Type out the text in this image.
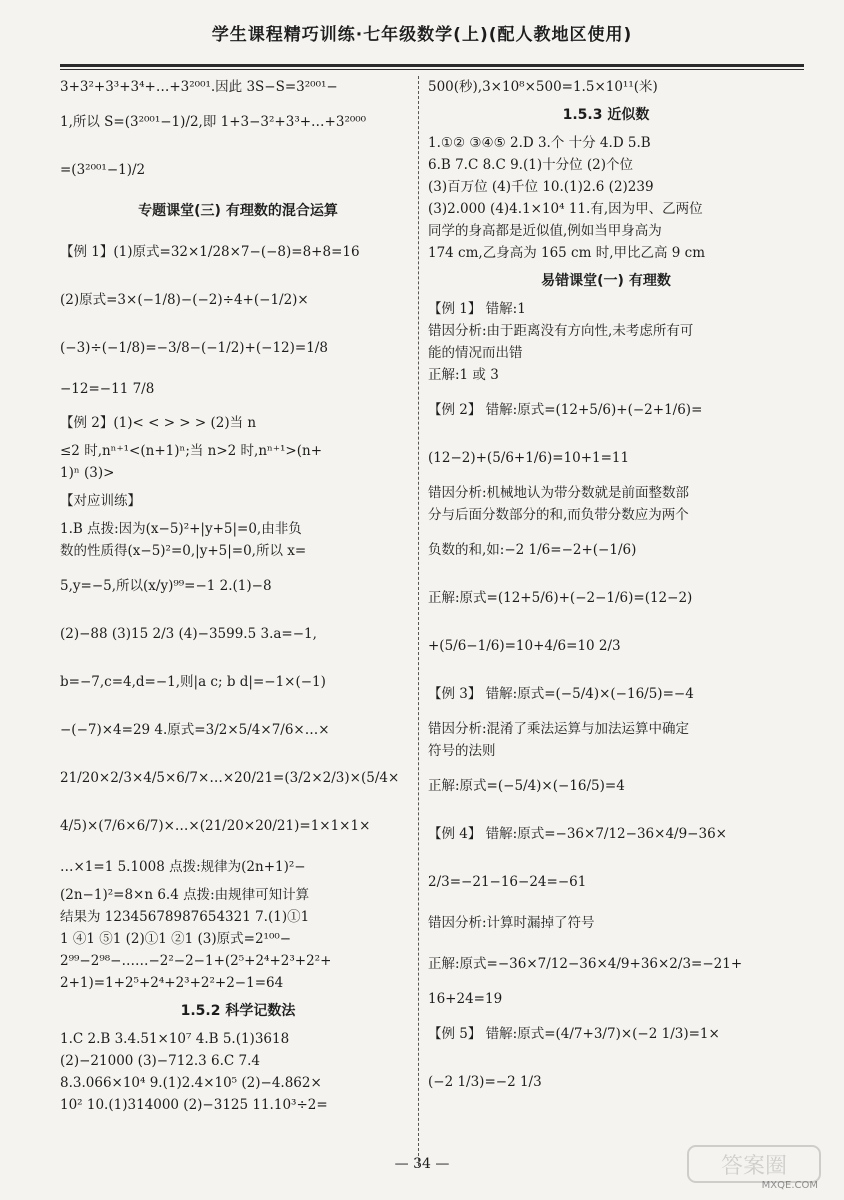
学生课程精巧训练·七年级数学(上)(配人教地区使用)
3+3²+3³+3⁴+…+3²⁰⁰¹.因此 3S−S=3²⁰⁰¹−
1,所以 S=(3²⁰⁰¹−1)/2,即 1+3−3²+3³+…+3²⁰⁰⁰
=(3²⁰⁰¹−1)/2
专题课堂(三) 有理数的混合运算
【例 1】(1)原式=32×1/28×7−(−8)=8+8=16
(2)原式=3×(−1/8)−(−2)÷4+(−1/2)×
(−3)÷(−1/8)=−3/8−(−1/2)+(−12)=1/8
−12=−11 7/8
【例 2】(1)< < > > > (2)当 n
≤2 时,nⁿ⁺¹<(n+1)ⁿ;当 n>2 时,nⁿ⁺¹>(n+
1)ⁿ (3)>
【对应训练】
1.B 点拨:因为(x−5)²+|y+5|=0,由非负
数的性质得(x−5)²=0,|y+5|=0,所以 x=
5,y=−5,所以(x/y)⁹⁹=−1 2.(1)−8
(2)−88 (3)15 2/3 (4)−3599.5 3.a=−1,
b=−7,c=4,d=−1,则|a c; b d|=−1×(−1)
−(−7)×4=29 4.原式=3/2×5/4×7/6×…×
21/20×2/3×4/5×6/7×…×20/21=(3/2×2/3)×(5/4×
4/5)×(7/6×6/7)×…×(21/20×20/21)=1×1×1×
…×1=1 5.1008 点拨:规律为(2n+1)²−
(2n−1)²=8×n 6.4 点拨:由规律可知计算
结果为 12345678987654321 7.(1)①1
1 ④1 ⑤1 (2)①1 ②1 (3)原式=2¹⁰⁰−
2⁹⁹−2⁹⁸−……−2²−2−1+(2⁵+2⁴+2³+2²+
2+1)=1+2⁵+2⁴+2³+2²+2−1=64
1.5.2 科学记数法
1.C 2.B 3.4.51×10⁷ 4.B 5.(1)3618
(2)−21000 (3)−712.3 6.C 7.4
8.3.066×10⁴ 9.(1)2.4×10⁵ (2)−4.862×
10² 10.(1)314000 (2)−3125 11.10³÷2=
500(秒),3×10⁸×500=1.5×10¹¹(米)
1.5.3 近似数
1.①② ③④⑤ 2.D 3.个 十分 4.D 5.B
6.B 7.C 8.C 9.(1)十分位 (2)个位
(3)百万位 (4)千位 10.(1)2.6 (2)239
(3)2.000 (4)4.1×10⁴ 11.有,因为甲、乙两位
同学的身高都是近似值,例如当甲身高为
174 cm,乙身高为 165 cm 时,甲比乙高 9 cm
易错课堂(一) 有理数
【例 1】 错解:1
错因分析:由于距离没有方向性,未考虑所有可
能的情况而出错
正解:1 或 3
【例 2】 错解:原式=(12+5/6)+(−2+1/6)=
(12−2)+(5/6+1/6)=10+1=11
错因分析:机械地认为带分数就是前面整数部
分与后面分数部分的和,而负带分数应为两个
负数的和,如:−2 1/6=−2+(−1/6)
正解:原式=(12+5/6)+(−2−1/6)=(12−2)
+(5/6−1/6)=10+4/6=10 2/3
【例 3】 错解:原式=(−5/4)×(−16/5)=−4
错因分析:混淆了乘法运算与加法运算中确定
符号的法则
正解:原式=(−5/4)×(−16/5)=4
【例 4】 错解:原式=−36×7/12−36×4/9−36×
2/3=−21−16−24=−61
错因分析:计算时漏掉了符号
正解:原式=−36×7/12−36×4/9+36×2/3=−21+
16+24=19
【例 5】 错解:原式=(4/7+3/7)×(−2 1/3)=1×
(−2 1/3)=−2 1/3
— 34 —	答案圈
MXQE.COM
